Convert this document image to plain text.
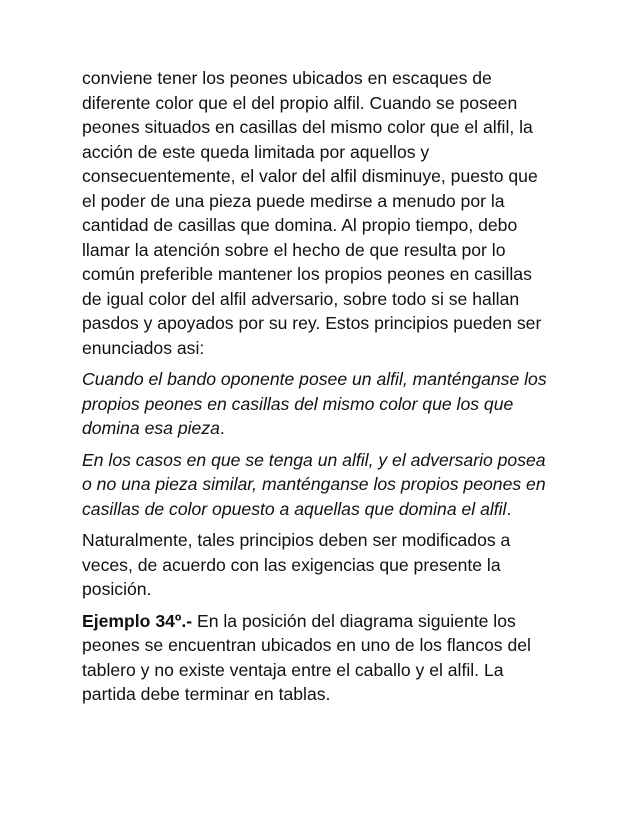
conviene tener los peones ubicados en escaques de diferente color que el del propio alfil. Cuando se poseen peones situados en casillas del mismo color que el alfil, la acción de este queda limitada por aquellos y consecuentemente, el valor del alfil disminuye, puesto que el poder de una pieza puede medirse a menudo por la cantidad de casillas que domina. Al propio tiempo, debo llamar la atención sobre el hecho de que resulta por lo común preferible mantener los propios peones en casillas de igual color del alfil adversario, sobre todo si se hallan pasdos y apoyados por su rey. Estos principios pueden ser enunciados asi:

Cuando el bando oponente posee un alfil, manténganse los propios peones en casillas del mismo color que los que domina esa pieza.

En los casos en que se tenga un alfil, y el adversario posea o no una pieza similar, manténganse los propios peones en casillas de color opuesto a aquellas que domina el alfil.

Naturalmente, tales principios deben ser modificados a veces, de acuerdo con las exigencias que presente la posición.

Ejemplo 34º.- En la posición del diagrama siguiente los peones se encuentran ubicados en uno de los flancos del tablero y no existe ventaja entre el caballo y el alfil. La partida debe terminar en tablas.
